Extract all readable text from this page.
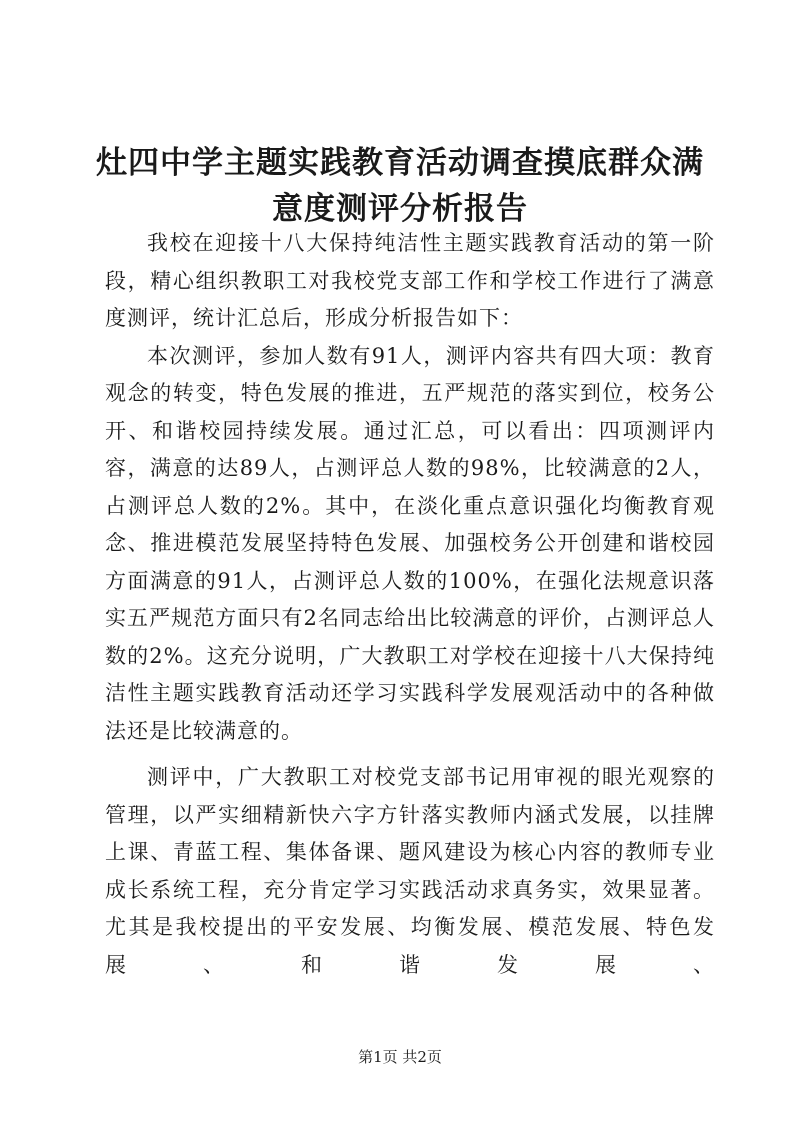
灶四中学主题实践教育活动调查摸底群众满意度测评分析报告

我校在迎接十八大保持纯洁性主题实践教育活动的第一阶段，精心组织教职工对我校党支部工作和学校工作进行了满意度测评，统计汇总后，形成分析报告如下：

本次测评，参加人数有91人，测评内容共有四大项：教育观念的转变，特色发展的推进，五严规范的落实到位，校务公开、和谐校园持续发展。通过汇总，可以看出：四项测评内容，满意的达89人，占测评总人数的98%，比较满意的2人，占测评总人数的2%。其中，在淡化重点意识强化均衡教育观念、推进模范发展坚持特色发展、加强校务公开创建和谐校园方面满意的91人，占测评总人数的100%，在强化法规意识落实五严规范方面只有2名同志给出比较满意的评价，占测评总人数的2%。这充分说明，广大教职工对学校在迎接十八大保持纯洁性主题实践教育活动还学习实践科学发展观活动中的各种做法还是比较满意的。

测评中，广大教职工对校党支部书记用审视的眼光观察的管理，以严实细精新快六字方针落实教师内涵式发展，以挂牌上课、青蓝工程、集体备课、题风建设为核心内容的教师专业成长系统工程，充分肯定学习实践活动求真务实，效果显著。尤其是我校提出的平安发展、均衡发展、模范发展、特色发展、和谐发展、

第1页 共2页
